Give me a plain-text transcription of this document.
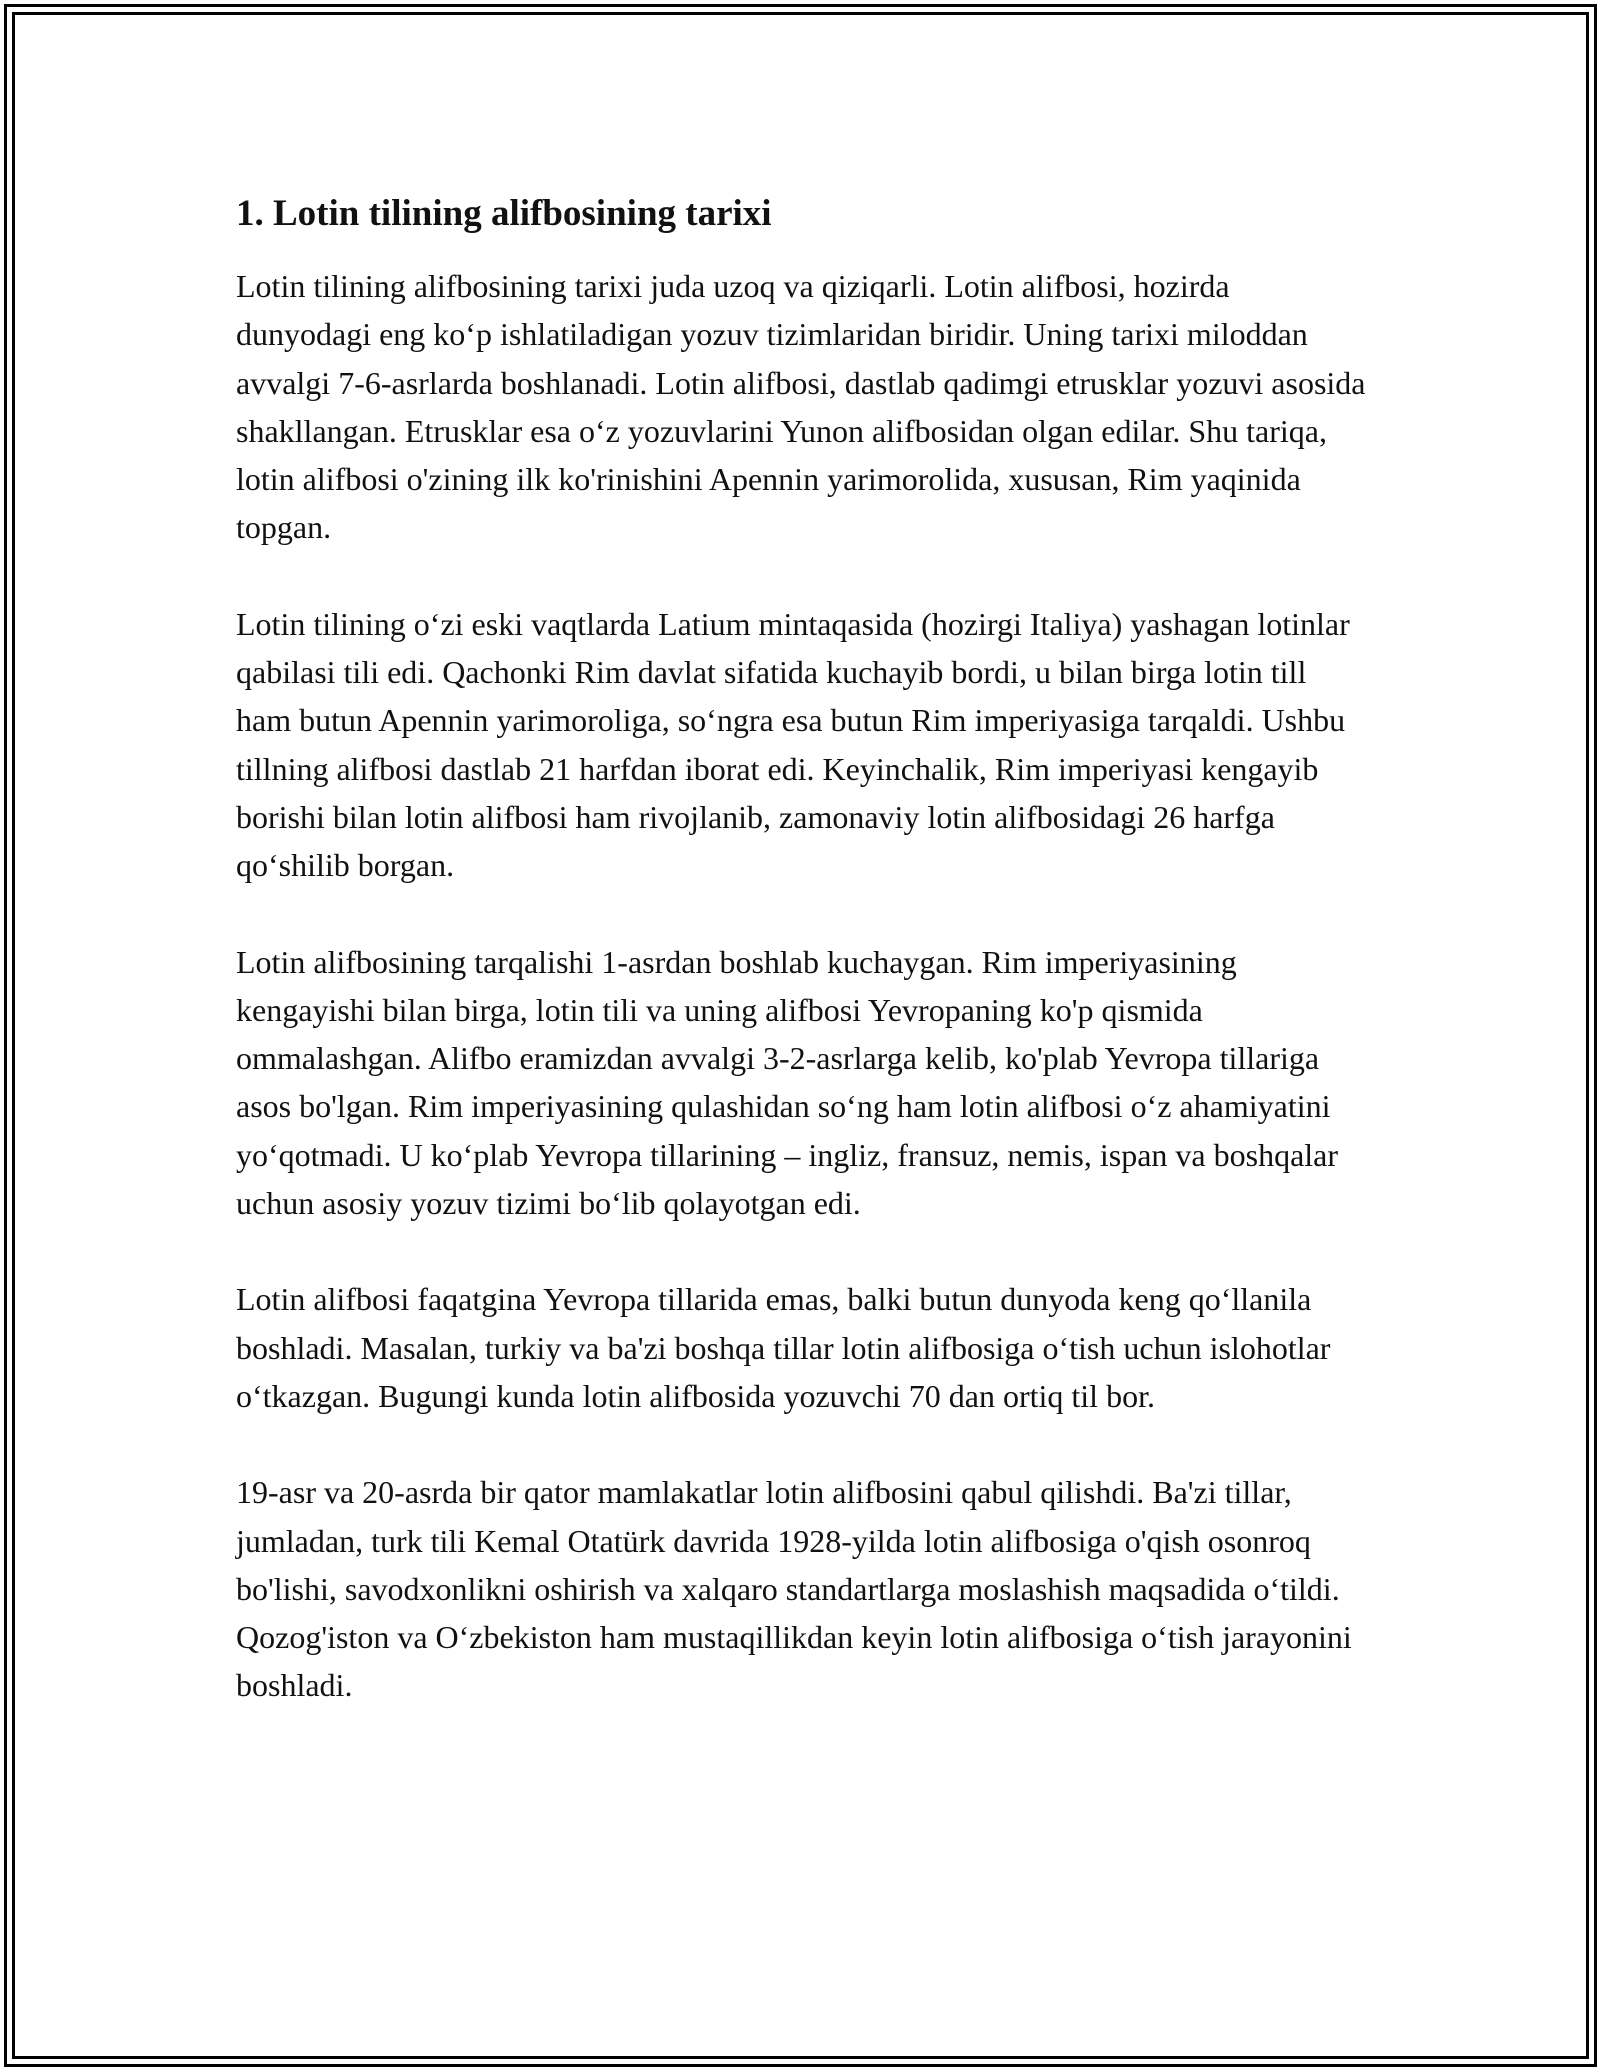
1. Lotin tilining alifbosining tarixi

Lotin tilining alifbosining tarixi juda uzoq va qiziqarli. Lotin alifbosi, hozirda dunyodagi eng ko‘p ishlatiladigan yozuv tizimlaridan biridir. Uning tarixi miloddan avvalgi 7-6-asrlarda boshlanadi. Lotin alifbosi, dastlab qadimgi etrusklar yozuvi asosida shakllangan. Etrusklar esa o‘z yozuvlarini Yunon alifbosidan olgan edilar. Shu tariqa, lotin alifbosi o'zining ilk ko'rinishini Apennin yarimorolida, xususan, Rim yaqinida topgan.

Lotin tilining o‘zi eski vaqtlarda Latium mintaqasida (hozirgi Italiya) yashagan lotinlar qabilasi tili edi. Qachonki Rim davlat sifatida kuchayib bordi, u bilan birga lotin till ham butun Apennin yarimoroliga, so‘ngra esa butun Rim imperiyasiga tarqaldi. Ushbu tillning alifbosi dastlab 21 harfdan iborat edi. Keyinchalik, Rim imperiyasi kengayib borishi bilan lotin alifbosi ham rivojlanib, zamonaviy lotin alifbosidagi 26 harfga qo‘shilib borgan.

Lotin alifbosining tarqalishi 1-asrdan boshlab kuchaygan. Rim imperiyasining kengayishi bilan birga, lotin tili va uning alifbosi Yevropaning ko'p qismida ommalashgan. Alifbo eramizdan avvalgi 3-2-asrlarga kelib, ko'plab Yevropa tillariga asos bo'lgan. Rim imperiyasining qulashidan so‘ng ham lotin alifbosi o‘z ahamiyatini yo‘qotmadi. U ko‘plab Yevropa tillarining – ingliz, fransuz, nemis, ispan va boshqalar uchun asosiy yozuv tizimi bo‘lib qolayotgan edi.

Lotin alifbosi faqatgina Yevropa tillarida emas, balki butun dunyoda keng qo‘llanila boshladi. Masalan, turkiy va ba'zi boshqa tillar lotin alifbosiga o‘tish uchun islohotlar o‘tkazgan. Bugungi kunda lotin alifbosida yozuvchi 70 dan ortiq til bor.

19-asr va 20-asrda bir qator mamlakatlar lotin alifbosini qabul qilishdi. Ba'zi tillar, jumladan, turk tili Kemal Otatürk davrida 1928-yilda lotin alifbosiga o'qish osonroq bo'lishi, savodxonlikni oshirish va xalqaro standartlarga moslashish maqsadida o‘tildi. Qozog'iston va O‘zbekiston ham mustaqillikdan keyin lotin alifbosiga o‘tish jarayonini boshladi.
